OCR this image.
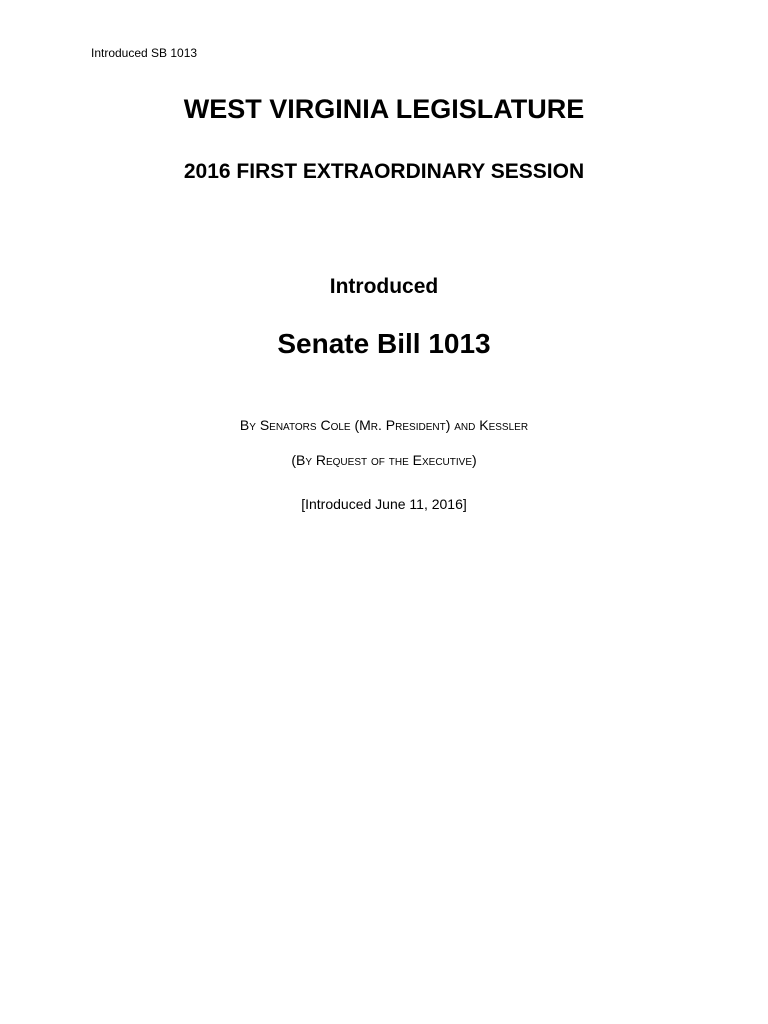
Introduced SB 1013
WEST VIRGINIA LEGISLATURE
2016 FIRST EXTRAORDINARY SESSION
Introduced
Senate Bill 1013
By Senators Cole (Mr. President) and Kessler
(By Request of the Executive)
[Introduced June 11, 2016]
